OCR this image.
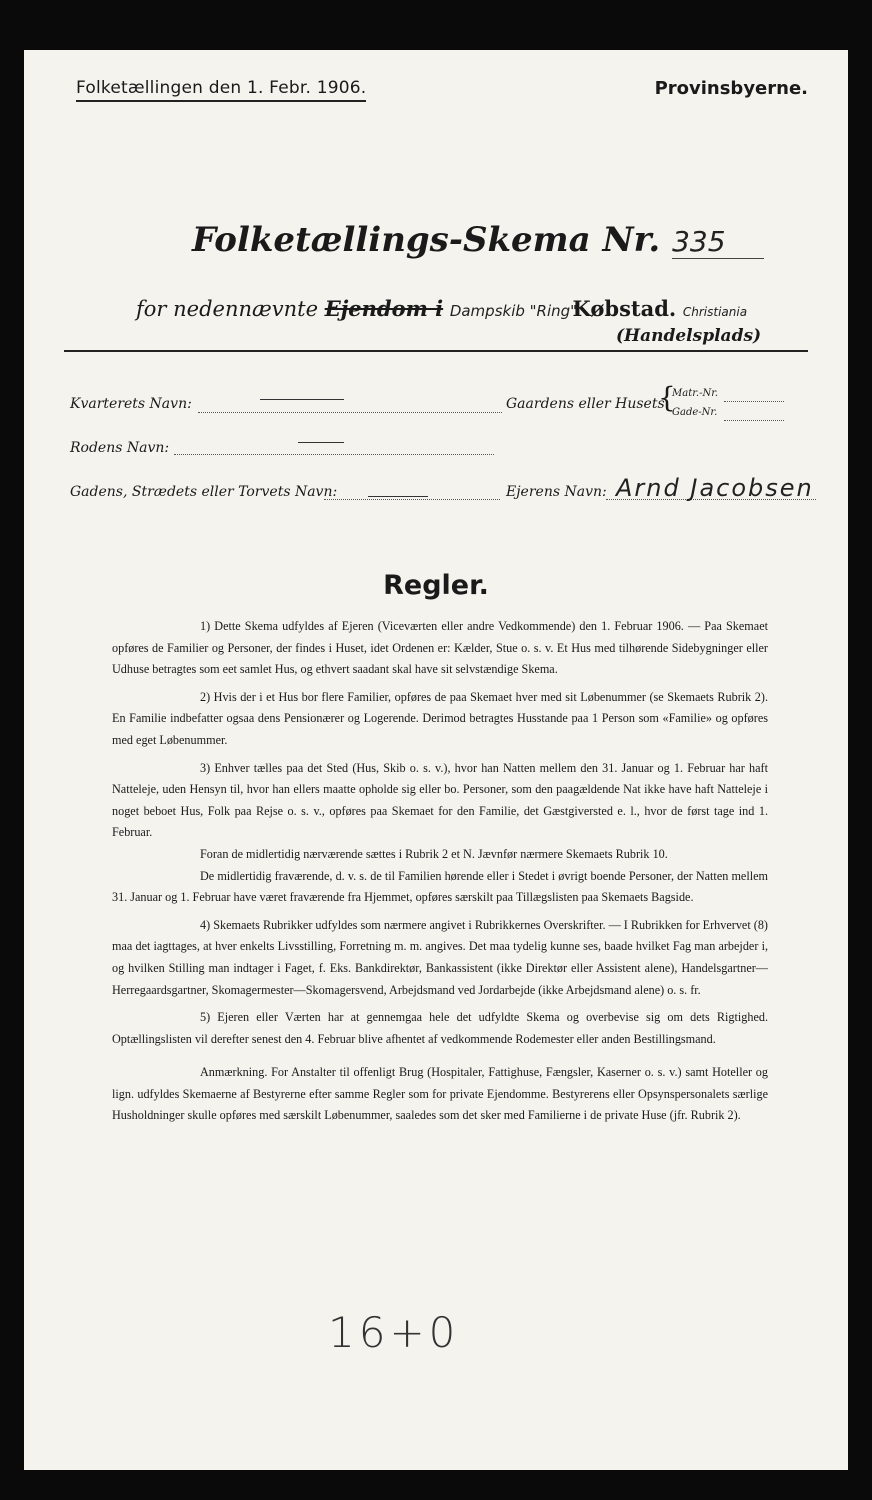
Folketællingen den 1. Febr. 1906.	Provinsbyerne.
Folketællings-Skema Nr. 335
for nedennævnte Ejendom i Dampskib "Ring" Købstad. Christiania
(Handelsplads)
Kvarterets Navn:	Gaardens eller Husets
{
Matr.-Nr.
Gade-Nr.
Rodens Navn:
Gadens, Strædets eller Torvets Navn:	Ejerens Navn: Arnd Jacobsen
Regler.

1) Dette Skema udfyldes af Ejeren (Viceværten eller andre Vedkommende) den 1. Februar 1906. — Paa Skemaet opføres de Familier og Personer, der findes i Huset, idet Ordenen er: Kælder, Stue o. s. v. Et Hus med tilhørende Sidebygninger eller Udhuse betragtes som eet samlet Hus, og ethvert saadant skal have sit selvstændige Skema.

2) Hvis der i et Hus bor flere Familier, opføres de paa Skemaet hver med sit Løbenummer (se Skemaets Rubrik 2). En Familie indbefatter ogsaa dens Pensionærer og Logerende. Derimod betragtes Husstande paa 1 Person som «Familie» og opføres med eget Løbenummer.

3) Enhver tælles paa det Sted (Hus, Skib o. s. v.), hvor han Natten mellem den 31. Januar og 1. Februar har haft Natteleje, uden Hensyn til, hvor han ellers maatte opholde sig eller bo. Personer, som den paagældende Nat ikke have haft Natteleje i noget beboet Hus, Folk paa Rejse o. s. v., opføres paa Skemaet for den Familie, det Gæstgiversted e. l., hvor de først tage ind 1. Februar.

Foran de midlertidig nærværende sættes i Rubrik 2 et N. Jævnfør nærmere Skemaets Rubrik 10.

De midlertidig fraværende, d. v. s. de til Familien hørende eller i Stedet i øvrigt boende Personer, der Natten mellem 31. Januar og 1. Februar have været fraværende fra Hjemmet, opføres særskilt paa Tillægslisten paa Skemaets Bagside.

4) Skemaets Rubrikker udfyldes som nærmere angivet i Rubrikkernes Overskrifter. — I Rubrikken for Erhvervet (8) maa det iagttages, at hver enkelts Livsstilling, Forretning m. m. angives. Det maa tydelig kunne ses, baade hvilket Fag man arbejder i, og hvilken Stilling man indtager i Faget, f. Eks. Bankdirektør, Bankassistent (ikke Direktør eller Assistent alene), Handelsgartner—Herregaardsgartner, Skomagermester—Skomagersvend, Arbejdsmand ved Jordarbejde (ikke Arbejdsmand alene) o. s. fr.

5) Ejeren eller Værten har at gennemgaa hele det udfyldte Skema og overbevise sig om dets Rigtighed. Optællingslisten vil derefter senest den 4. Februar blive afhentet af vedkommende Rodemester eller anden Bestillingsmand.

Anmærkning. For Anstalter til offenligt Brug (Hospitaler, Fattighuse, Fængsler, Kaserner o. s. v.) samt Hoteller og lign. udfyldes Skemaerne af Bestyrerne efter samme Regler som for private Ejendomme. Bestyrerens eller Opsynspersonalets særlige Husholdninger skulle opføres med særskilt Løbenummer, saaledes som det sker med Familierne i de private Huse (jfr. Rubrik 2).

16+0
